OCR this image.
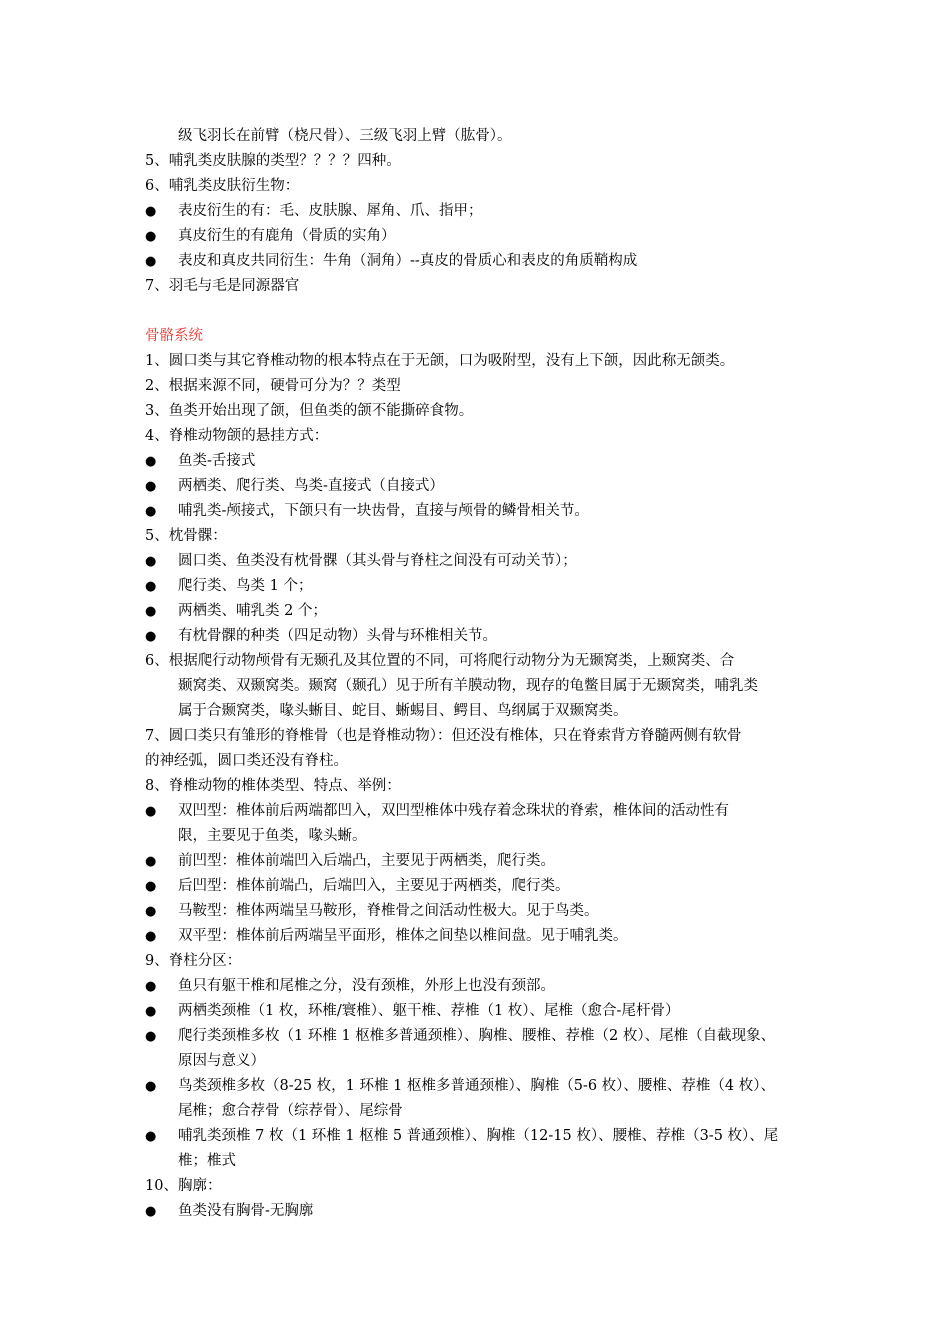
级飞羽长在前臂（桡尺骨）、三级飞羽上臂（肱骨）。
5、哺乳类皮肤腺的类型？？？？四种。
6、哺乳类皮肤衍生物：
●	表皮衍生的有：毛、皮肤腺、犀角、爪、指甲；
●	真皮衍生的有鹿角（骨质的实角）
●	表皮和真皮共同衍生：牛角（洞角）--真皮的骨质心和表皮的角质鞘构成
7、羽毛与毛是同源器官
骨骼系统
1、圆口类与其它脊椎动物的根本特点在于无颌，口为吸附型，没有上下颌，因此称无颌类。
2、根据来源不同，硬骨可分为？？类型
3、鱼类开始出现了颌，但鱼类的颌不能撕碎食物。
4、脊椎动物颌的悬挂方式：
●	鱼类-舌接式
●	两栖类、爬行类、鸟类-直接式（自接式）
●	哺乳类-颅接式，下颌只有一块齿骨，直接与颅骨的鳞骨相关节。
5、枕骨髁：
●	圆口类、鱼类没有枕骨髁（其头骨与脊柱之间没有可动关节）；
●	爬行类、鸟类 1 个；
●	两栖类、哺乳类 2 个；
●	有枕骨髁的种类（四足动物）头骨与环椎相关节。
6、根据爬行动物颅骨有无颞孔及其位置的不同，可将爬行动物分为无颞窝类，上颞窝类、合
颞窝类、双颞窝类。颞窝（颞孔）见于所有羊膜动物，现存的龟鳖目属于无颞窝类，哺乳类
属于合颞窝类，喙头蜥目、蛇目、蜥蜴目、鳄目、鸟纲属于双颞窝类。
7、圆口类只有雏形的脊椎骨（也是脊椎动物）：但还没有椎体，只在脊索背方脊髓两侧有软骨
的神经弧，圆口类还没有脊柱。
8、脊椎动物的椎体类型、特点、举例：
●	双凹型：椎体前后两端都凹入，双凹型椎体中残存着念珠状的脊索，椎体间的活动性有
限，主要见于鱼类，喙头蜥。
●	前凹型：椎体前端凹入后端凸，主要见于两栖类，爬行类。
●	后凹型：椎体前端凸，后端凹入，主要见于两栖类，爬行类。
●	马鞍型：椎体两端呈马鞍形，脊椎骨之间活动性极大。见于鸟类。
●	双平型：椎体前后两端呈平面形，椎体之间垫以椎间盘。见于哺乳类。
9、脊柱分区：
●	鱼只有躯干椎和尾椎之分，没有颈椎，外形上也没有颈部。
●	两栖类颈椎（1 枚，环椎/寰椎）、躯干椎、荐椎（1 枚）、尾椎（愈合-尾杆骨）
●	爬行类颈椎多枚（1 环椎 1 枢椎多普通颈椎）、胸椎、腰椎、荐椎（2 枚）、尾椎（自截现象、
原因与意义）
●	鸟类颈椎多枚（8-25 枚，1 环椎 1 枢椎多普通颈椎）、胸椎（5-6 枚）、腰椎、荐椎（4 枚）、
尾椎；愈合荐骨（综荐骨）、尾综骨
●	哺乳类颈椎 7 枚（1 环椎 1 枢椎 5 普通颈椎）、胸椎（12-15 枚）、腰椎、荐椎（3-5 枚）、尾
椎；椎式
10、胸廓：
●	鱼类没有胸骨-无胸廓
